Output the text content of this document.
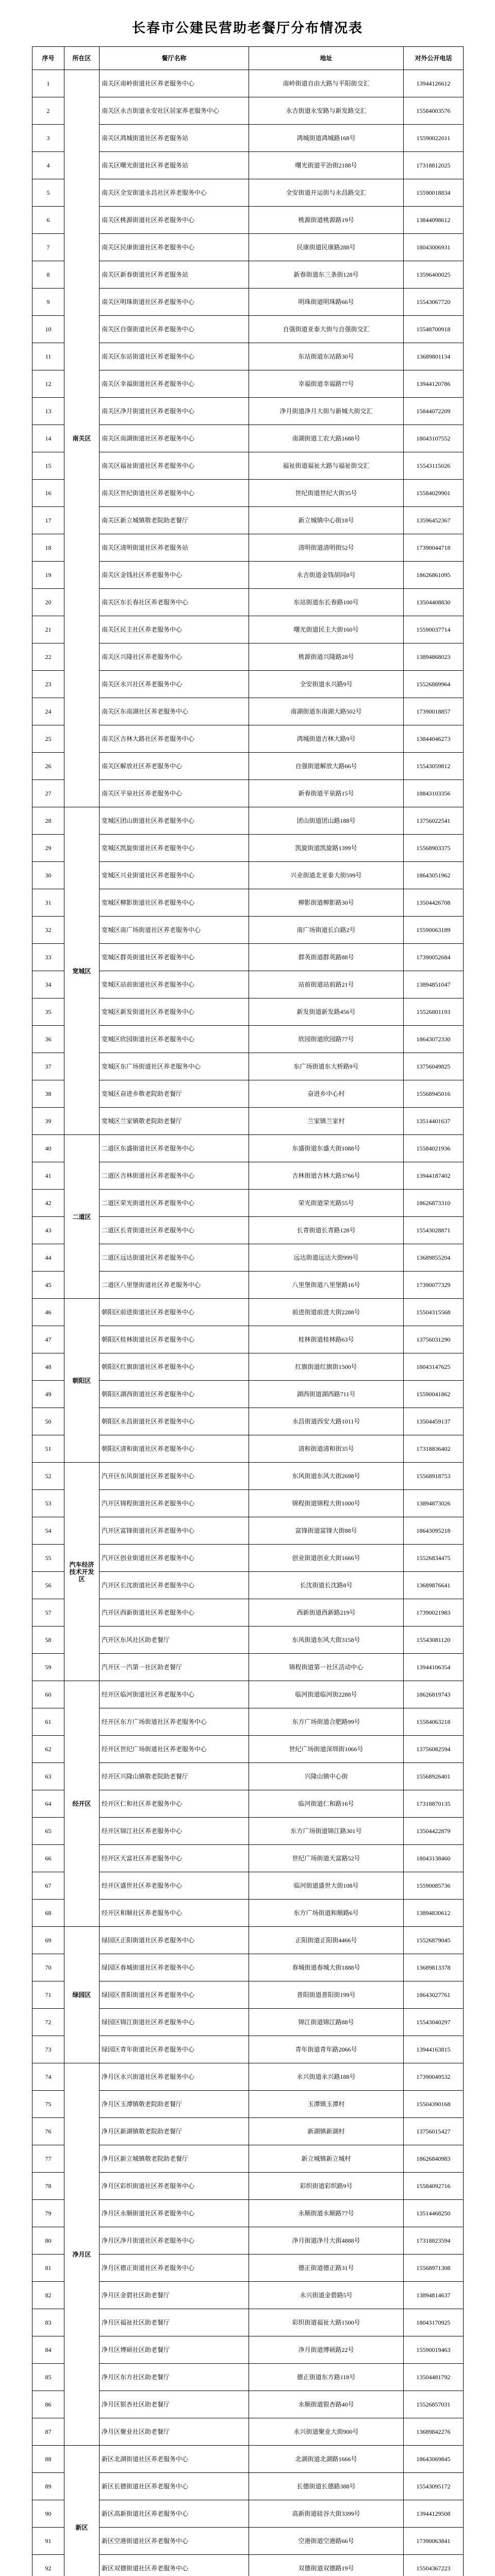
长春市公建民营助老餐厅分布情况表
序号	所在区	餐厅名称	地址	对外公开电话
1	南关区	南关区南岭街道社区养老服务中心	南岭街道自由大路与平阳街交汇	13944126612
2		南关区永吉街道永安社区居家养老服务中心	永吉街道永安路与新发路交汇	15584003576
3		南关区鸿城街道社区养老服务站	鸿城街道鸿城路168号	15590022011
4		南关区曙光街道社区养老服务站	曙光街道平治街2188号	17318812025
5		南关区全安街道永昌社区养老服务中心	全安街道开运街与永昌路交汇	15590018834
6		南关区桃源街道社区养老服务中心	桃源街道桃源路19号	13844098612
7		南关区民康街道社区养老服务中心	民康街道民康路288号	18043006931
8		南关区新春街道社区养老服务站	新春街道东三条街128号	13596400025
9		南关区明珠街道社区养老服务中心	明珠街道明珠路66号	15543067720
10		南关区自强街道社区养老服务中心	自强街道亚泰大街与自强街交汇	15548700918
11		南关区东站街道社区养老服务中心	东站街道东站路30号	13689801134
12		南关区幸福街道社区养老服务中心	幸福街道幸福路77号	13944120786
13		南关区净月街道社区养老服务中心	净月街道净月大街与新城大街交汇	15844072209
14		南关区南湖街道社区养老服务中心	南湖街道工农大路1688号	18043107552
15		南关区福祉街道社区养老服务中心	福祉街道福祉大路与福祉街交汇	15543115026
16		南关区世纪街道社区养老服务中心	世纪街道世纪大街35号	15584029901
17		南关区新立城镇敬老院助老餐厅	新立城镇中心街18号	13596452367
18		南关区清明街道社区养老服务站	清明街道清明街52号	17390044718
19		南关区金钱社区养老服务中心	永吉街道金钱胡同8号	18626861095
20		南关区东长春社区养老服务中心	东站街道东长春路100号	13504408830
21		南关区民主社区养老服务中心	曙光街道民主大街160号	15590037714
22		南关区兴隆社区养老服务中心	桃源街道兴隆路28号	13894868023
23		南关区永兴社区养老服务中心	全安街道永兴路9号	15526889964
24		南关区东南湖社区养老服务中心	南湖街道东南湖大路502号	17390018857
25		南关区吉林大路社区养老服务中心	鸿城街道吉林大路9号	13844046273
26		南关区解放社区养老服务中心	自强街道解放大路66号	15543059812
27		南关区平泉社区养老服务中心	新春街道平泉路15号	18843103356
28	宽城区	宽城区团山街道社区养老服务中心	团山街道团山路188号	13756022541
29		宽城区凯旋街道社区养老服务中心	凯旋街道凯旋路1399号	15568903375
30		宽城区兴业街道社区养老服务中心	兴业街道北亚泰大街599号	18643051962
31		宽城区柳影街道社区养老服务中心	柳影街道柳影路30号	13504426708
32		宽城区南广场街道社区养老服务中心	南广场街道长白路2号	15590063189
33		宽城区群英街道社区养老服务中心	群英街道群英路88号	17390052684
34		宽城区站前街道社区养老服务中心	站前街道站前路21号	13894851047
35		宽城区新发街道社区养老服务中心	新发街道新发路456号	15526801193
36		宽城区欣园街道社区养老服务中心	欣园街道欣园路77号	18643072330
37		宽城区东广场街道社区养老服务中心	东广场街道东大桥路9号	13756049825
38		宽城区奋进乡敬老院助老餐厅	奋进乡中心村	15568945016
39		宽城区兰家镇敬老院助老餐厅	兰家镇兰家村	13514401637
40	二道区	二道区东盛街道社区养老服务中心	东盛街道东盛大街1088号	15584021936
41		二道区吉林街道社区养老服务中心	吉林街道吉林大路3766号	13944187402
42		二道区荣光街道社区养老服务中心	荣光街道荣光路55号	18626873310
43		二道区长青街道社区养老服务中心	长青街道长青路128号	15543028871
44		二道区远达街道社区养老服务中心	远达街道远达大街999号	13689855204
45		二道区八里堡街道社区养老服务中心	八里堡街道八里堡路16号	17390077329
46	朝阳区	朝阳区前进街道社区养老服务中心	前进街道前进大街2288号	15504315568
47		朝阳区桂林街道社区养老服务中心	桂林街道桂林路63号	13756031290
48		朝阳区红旗街道社区养老服务中心	红旗街道红旗街1500号	18043147625
49		朝阳区湖西街道社区养老服务中心	湖西街道湖西路711号	15590041862
50		朝阳区永昌街道社区养老服务中心	永昌街道西安大路1011号	13504459137
51		朝阳区清和街道社区养老服务中心	清和街道清和街35号	17318836402
52	汽车经济技术开发区	汽开区东风街道社区养老服务中心	东风街道东风大街2698号	15568918753
53		汽开区锦程街道社区养老服务中心	锦程街道锦程大街1000号	13894873026
54		汽开区富锋街道社区养老服务中心	富锋街道富锋大街88号	18643095218
55		汽开区创业街道社区养老服务中心	创业街道创业大街1666号	15526834475
56		汽开区长沈街道社区养老服务中心	长沈街道长沈路8号	13689876641
57		汽开区西新街道社区养老服务中心	西新街道西新路219号	17390021983
58		汽开区东风社区助老餐厅	东风街道东风大街3158号	15543081120
59		汽开区一汽第一社区助老餐厅	锦程街道第一社区活动中心	13944106354
60	经开区	经开区临河街道社区养老服务中心	临河街道临河街2288号	18626819743
61		经开区东方广场街道社区养老服务中心	东方广场街道合肥路99号	15584063218
62		经开区世纪广场街道社区养老服务中心	世纪广场街道深圳街1066号	13756082594
63		经开区兴隆山镇敬老院助老餐厅	兴隆山镇中心街	15568926401
64		经开区仁和社区养老服务中心	临河街道仁和路16号	17318870135
65		经开区锦江社区养老服务中心	东方广场街道锦江路301号	13504422879
66		经开区天富社区养老服务中心	世纪广场街道天富路52号	18043138460
67		经开区盛世社区养老服务中心	临河街道盛世大街108号	15590085736
68		经开区和顺社区养老服务中心	东方广场街道和顺路6号	13894830612
69	绿园区	绿园区正阳街道社区养老服务中心	正阳街道正阳街4466号	15526879045
70		绿园区春城街道社区养老服务中心	春城街道春城大街1888号	13689813378
71		绿园区普阳街道社区养老服务中心	普阳街道普阳街199号	18643027761
72		绿园区锦江街道社区养老服务中心	锦江街道锦江路88号	15543040297
73		绿园区青年街道社区养老服务中心	青年街道青年路2066号	13944163815
74	净月区	净月区永兴街道社区养老服务中心	永兴街道永兴路188号	17390049532
75		净月区玉潭镇敬老院助老餐厅	玉潭镇玉潭村	15504390168
76		净月区新湖镇敬老院助老餐厅	新湖镇新湖村	13756015427
77		净月区新立城镇敬老院助老餐厅	新立城镇新立城村	18626840983
78		净月区彩织街道社区养老服务中心	彩织街道彩织路9号	15584092716
79		净月区永顺街道社区养老服务中心	永顺街道永顺路77号	13514468250
80		净月区净月街道社区养老服务中心	净月街道净月大街4888号	17318823594
81		净月区德正街道社区养老服务中心	德正街道德正路31号	15568971308
82		净月区金碧社区助老餐厅	永兴街道金碧路5号	13894814637
83		净月区福祉社区助老餐厅	彩织街道福祉大路1500号	18043170925
84		净月区博硕社区助老餐厅	净月街道博硕路22号	15590019463
85		净月区东方社区助老餐厅	德正街道东方路118号	13504481792
86		净月区银杏社区助老餐厅	永顺街道银杏路40号	15526857031
87		净月区聚业社区助老餐厅	永兴街道聚业大街900号	13689842276
88	新区	新区北湖街道社区养老服务中心	北湖街道北湖路1666号	18643069845
89		新区长德街道社区养老服务中心	长德街道长德路388号	15543095172
90		新区高新街道社区养老服务中心	高新街道硅谷大街3399号	13944129508
91		新区空港街道社区养老服务中心	空港街道空港路66号	17390063841
92		新区双德街道社区养老服务中心	双德街道双德路19号	15504367223
